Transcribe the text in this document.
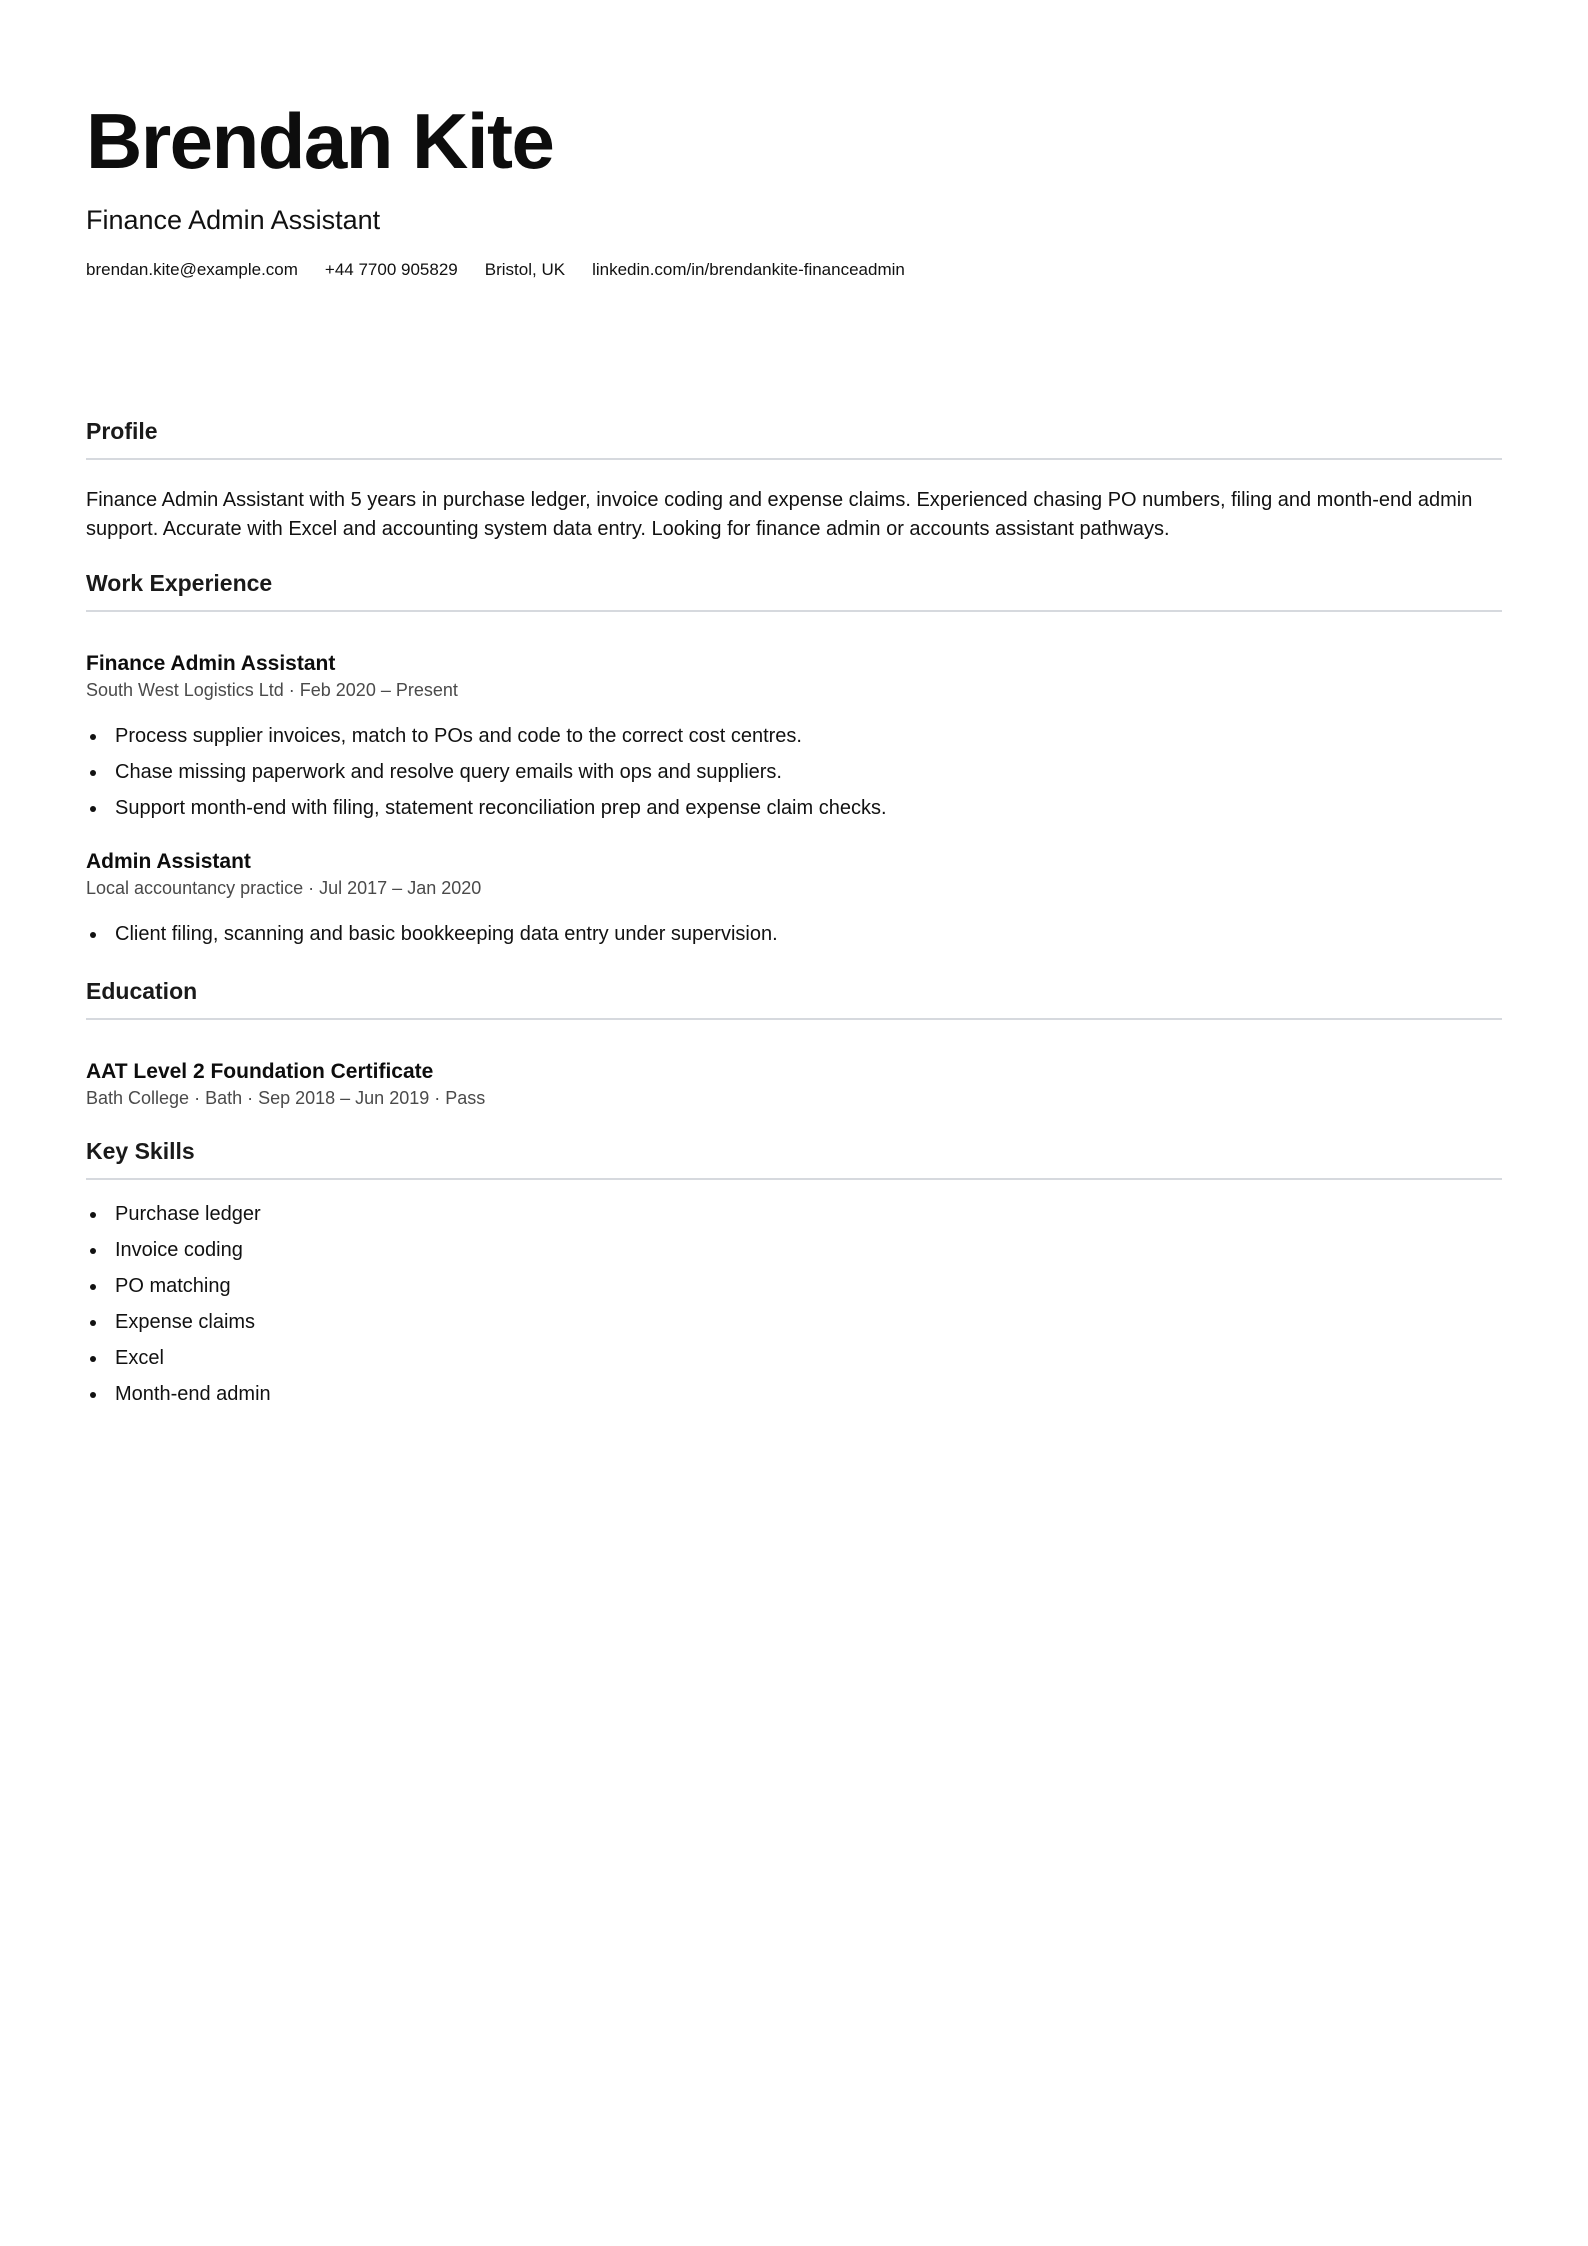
Brendan Kite
Finance Admin Assistant
brendan.kite@example.com +44 7700 905829 Bristol, UK linkedin.com/in/brendankite-financeadmin
Profile
Finance Admin Assistant with 5 years in purchase ledger, invoice coding and expense claims. Experienced chasing PO numbers, filing and month-end admin support. Accurate with Excel and accounting system data entry. Looking for finance admin or accounts assistant pathways.
Work Experience
Finance Admin Assistant
South West Logistics Ltd · Feb 2020 – Present
Process supplier invoices, match to POs and code to the correct cost centres.
Chase missing paperwork and resolve query emails with ops and suppliers.
Support month-end with filing, statement reconciliation prep and expense claim checks.
Admin Assistant
Local accountancy practice · Jul 2017 – Jan 2020
Client filing, scanning and basic bookkeeping data entry under supervision.
Education
AAT Level 2 Foundation Certificate
Bath College · Bath · Sep 2018 – Jun 2019 · Pass
Key Skills
Purchase ledger
Invoice coding
PO matching
Expense claims
Excel
Month-end admin
